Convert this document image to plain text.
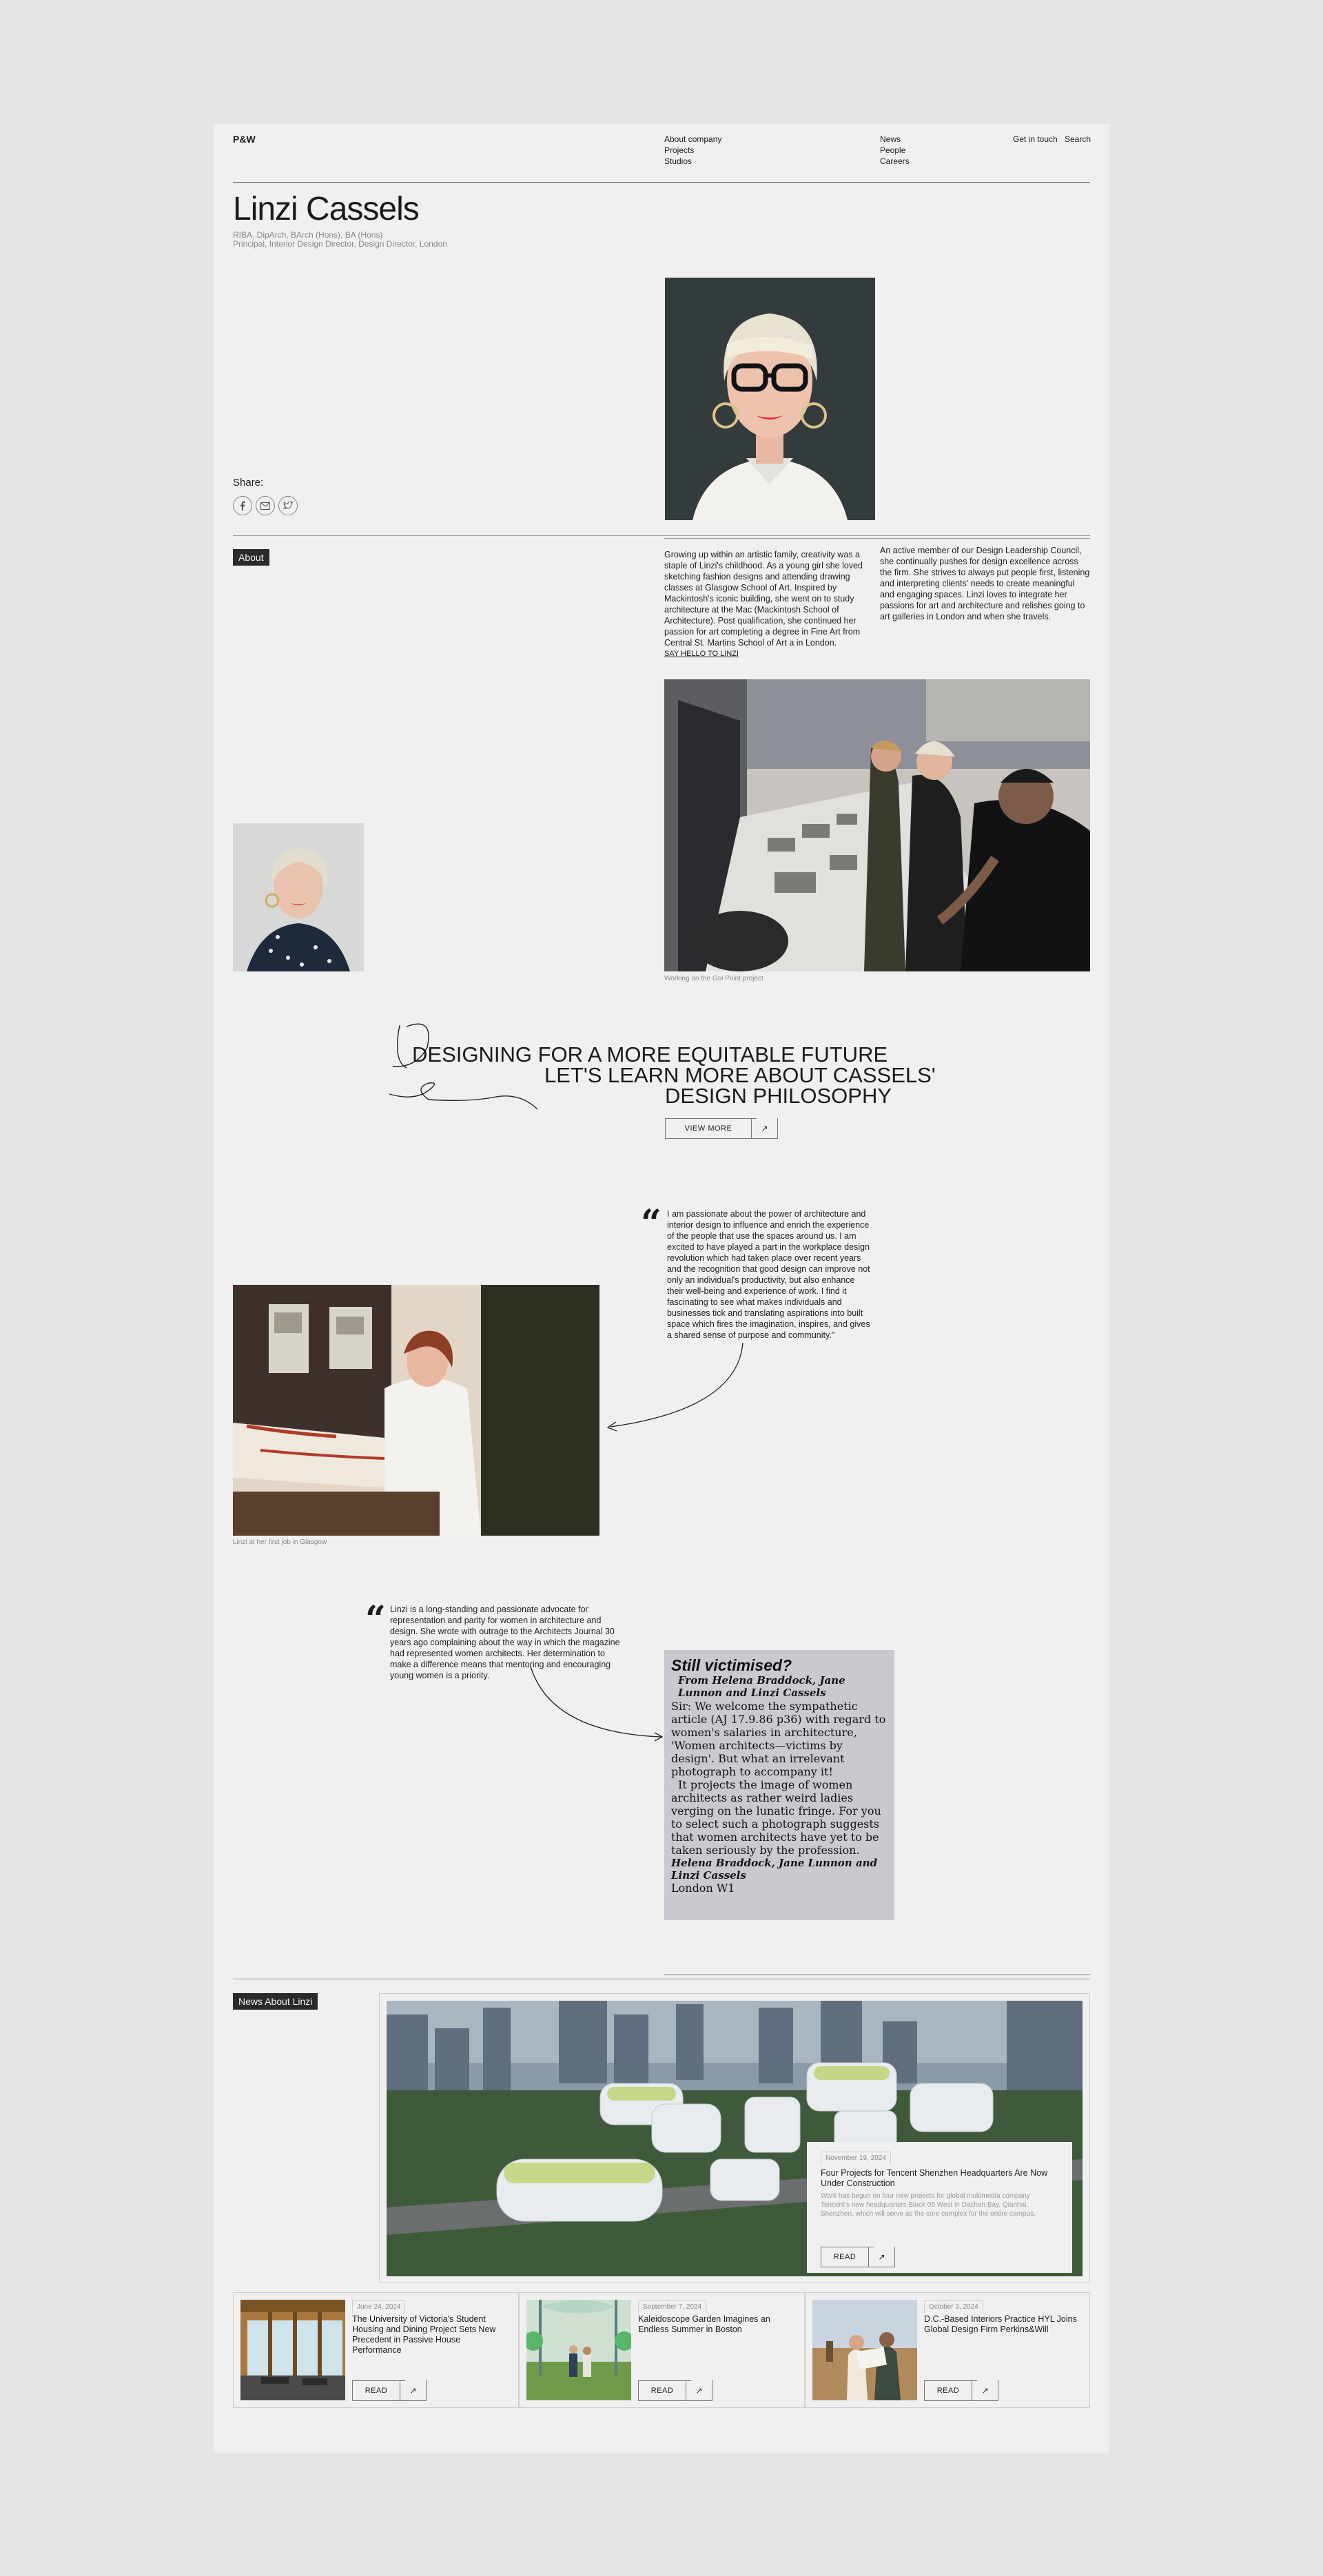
P&W	About company
Projects
Studios
News
People
Careers
Get in touch Search
Linzi Cassels
RIBA, DipArch, BArch (Hons), BA (Hons)
Principal, Interior Design Director, Design Director, London
Share:
About	Growing up within an artistic family, creativity was a staple of Linzi's childhood. As a young girl she loved sketching fashion designs and attending drawing classes at Glasgow School of Art. Inspired by Mackintosh's iconic building, she went on to study architecture at the Mac (Mackintosh School of Architecture). Post qualification, she continued her passion for art completing a degree in Fine Art from Central St. Martins School of Art a in London.
An active member of our Design Leadership Council, she continually pushes for design excellence across the firm. She strives to always put people first, listening and interpreting clients' needs to create meaningful and engaging spaces. Linzi loves to integrate her passions for art and architecture and relishes going to art galleries in London and when she travels.
SAY HELLO TO LINZI
Working on the Goi Point project
DESIGNING FOR A MORE EQUITABLE FUTURE
LET'S LEARN MORE ABOUT CASSELS'
DESIGN PHILOSOPHY
VIEW MORE	↗
“ I am passionate about the power of architecture and interior design to influence and enrich the experience of the people that use the spaces around us. I am excited to have played a part in the workplace design revolution which had taken place over recent years and the recognition that good design can improve not only an individual's productivity, but also enhance their well-being and experience of work. I find it fascinating to see what makes individuals and businesses tick and translating aspirations into built space which fires the imagination, inspires, and gives a shared sense of purpose and community."
Linzi at her first job in Glasgow
“ Linzi is a long-standing and passionate advocate for representation and parity for women in architecture and design. She wrote with outrage to the Architects Journal 30 years ago complaining about the way in which the magazine had represented women architects. Her determination to make a difference means that mentoring and encouraging young women is a priority.
Still victimised?
From Helena Braddock, Jane Lunnon and Linzi Cassels
Sir: We welcome the sympathetic article (AJ 17.9.86 p36) with regard to women's salaries in architecture, 'Women architects—victims by design'. But what an irrelevant photograph to accompany it!
It projects the image of women architects as rather weird ladies verging on the lunatic fringe. For you to select such a photograph suggests that women architects have yet to be taken seriously by the profession.
Helena Braddock, Jane Lunnon and Linzi Cassels
London W1
News About Linzi
November 19, 2024
Four Projects for Tencent Shenzhen Headquarters Are Now Under Construction
Work has begun on four new projects for global multimedia company Tencent's new headquarters Block 05 West in Dachan Bay, Qianhai, Shenzhen, which will serve as the core complex for the entire campus.
READ	↗
June 24, 2024
The University of Victoria's Student Housing and Dining Project Sets New Precedent in Passive House Performance
READ	↗
September 7, 2024
Kaleidoscope Garden Imagines an Endless Summer in Boston
READ	↗
October 3, 2024
D.C.-Based Interiors Practice HYL Joins Global Design Firm Perkins&Will
READ	↗
